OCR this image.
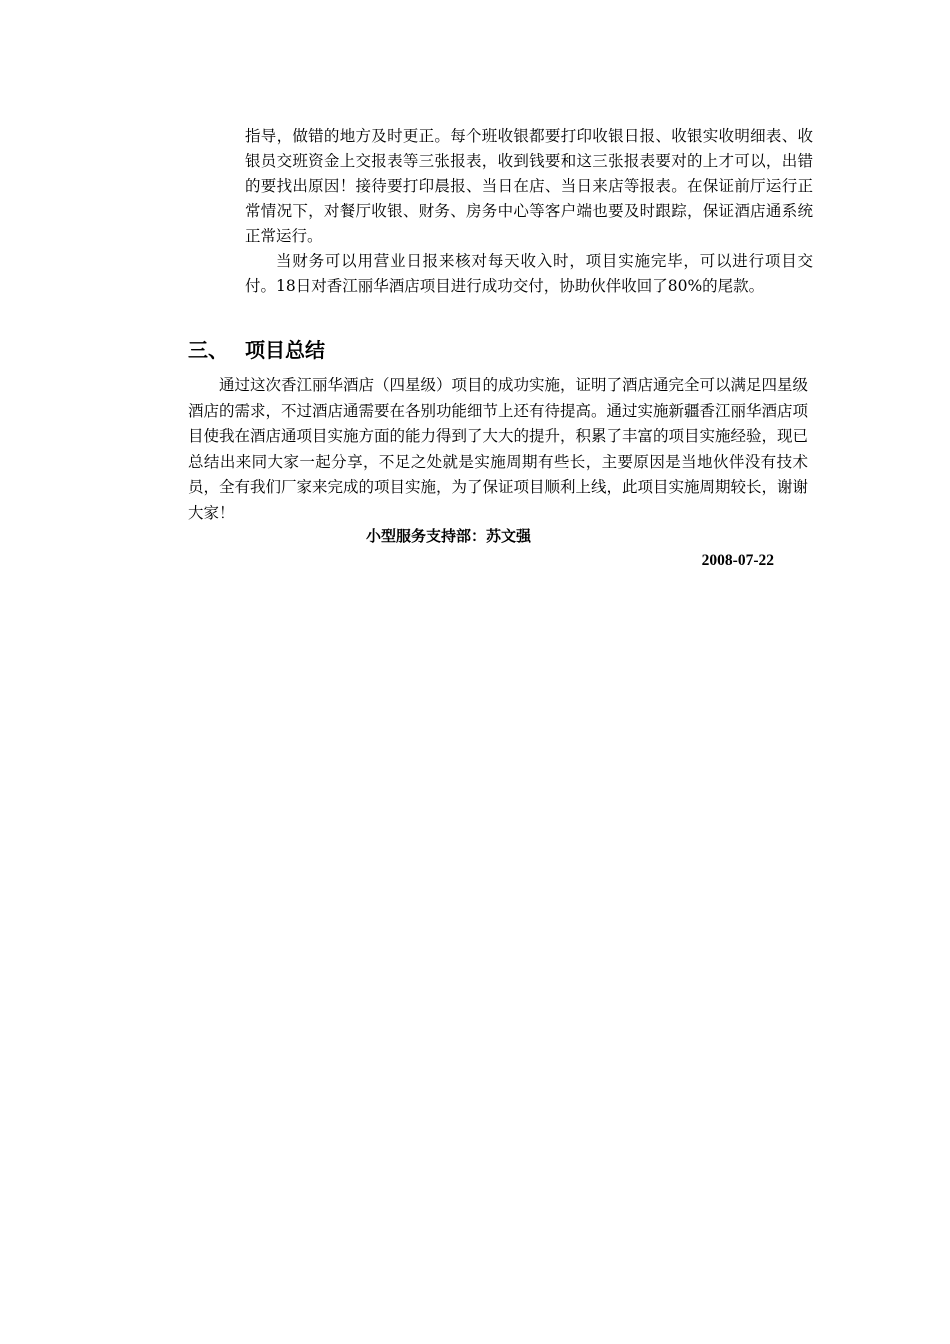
指导，做错的地方及时更正。每个班收银都要打印收银日报、收银实收明细表、收银员交班资金上交报表等三张报表，收到钱要和这三张报表要对的上才可以，出错的要找出原因！接待要打印晨报、当日在店、当日来店等报表。在保证前厅运行正常情况下，对餐厅收银、财务、房务中心等客户端也要及时跟踪，保证酒店通系统正常运行。

当财务可以用营业日报来核对每天收入时，项目实施完毕，可以进行项目交付。18日对香江丽华酒店项目进行成功交付，协助伙伴收回了80%的尾款。

三、 项目总结

通过这次香江丽华酒店（四星级）项目的成功实施，证明了酒店通完全可以满足四星级酒店的需求，不过酒店通需要在各别功能细节上还有待提高。通过实施新疆香江丽华酒店项目使我在酒店通项目实施方面的能力得到了大大的提升，积累了丰富的项目实施经验，现已总结出来同大家一起分享，不足之处就是实施周期有些长，主要原因是当地伙伴没有技术员，全有我们厂家来完成的项目实施，为了保证项目顺利上线，此项目实施周期较长，谢谢大家！

小型服务支持部：苏文强
2008-07-22
